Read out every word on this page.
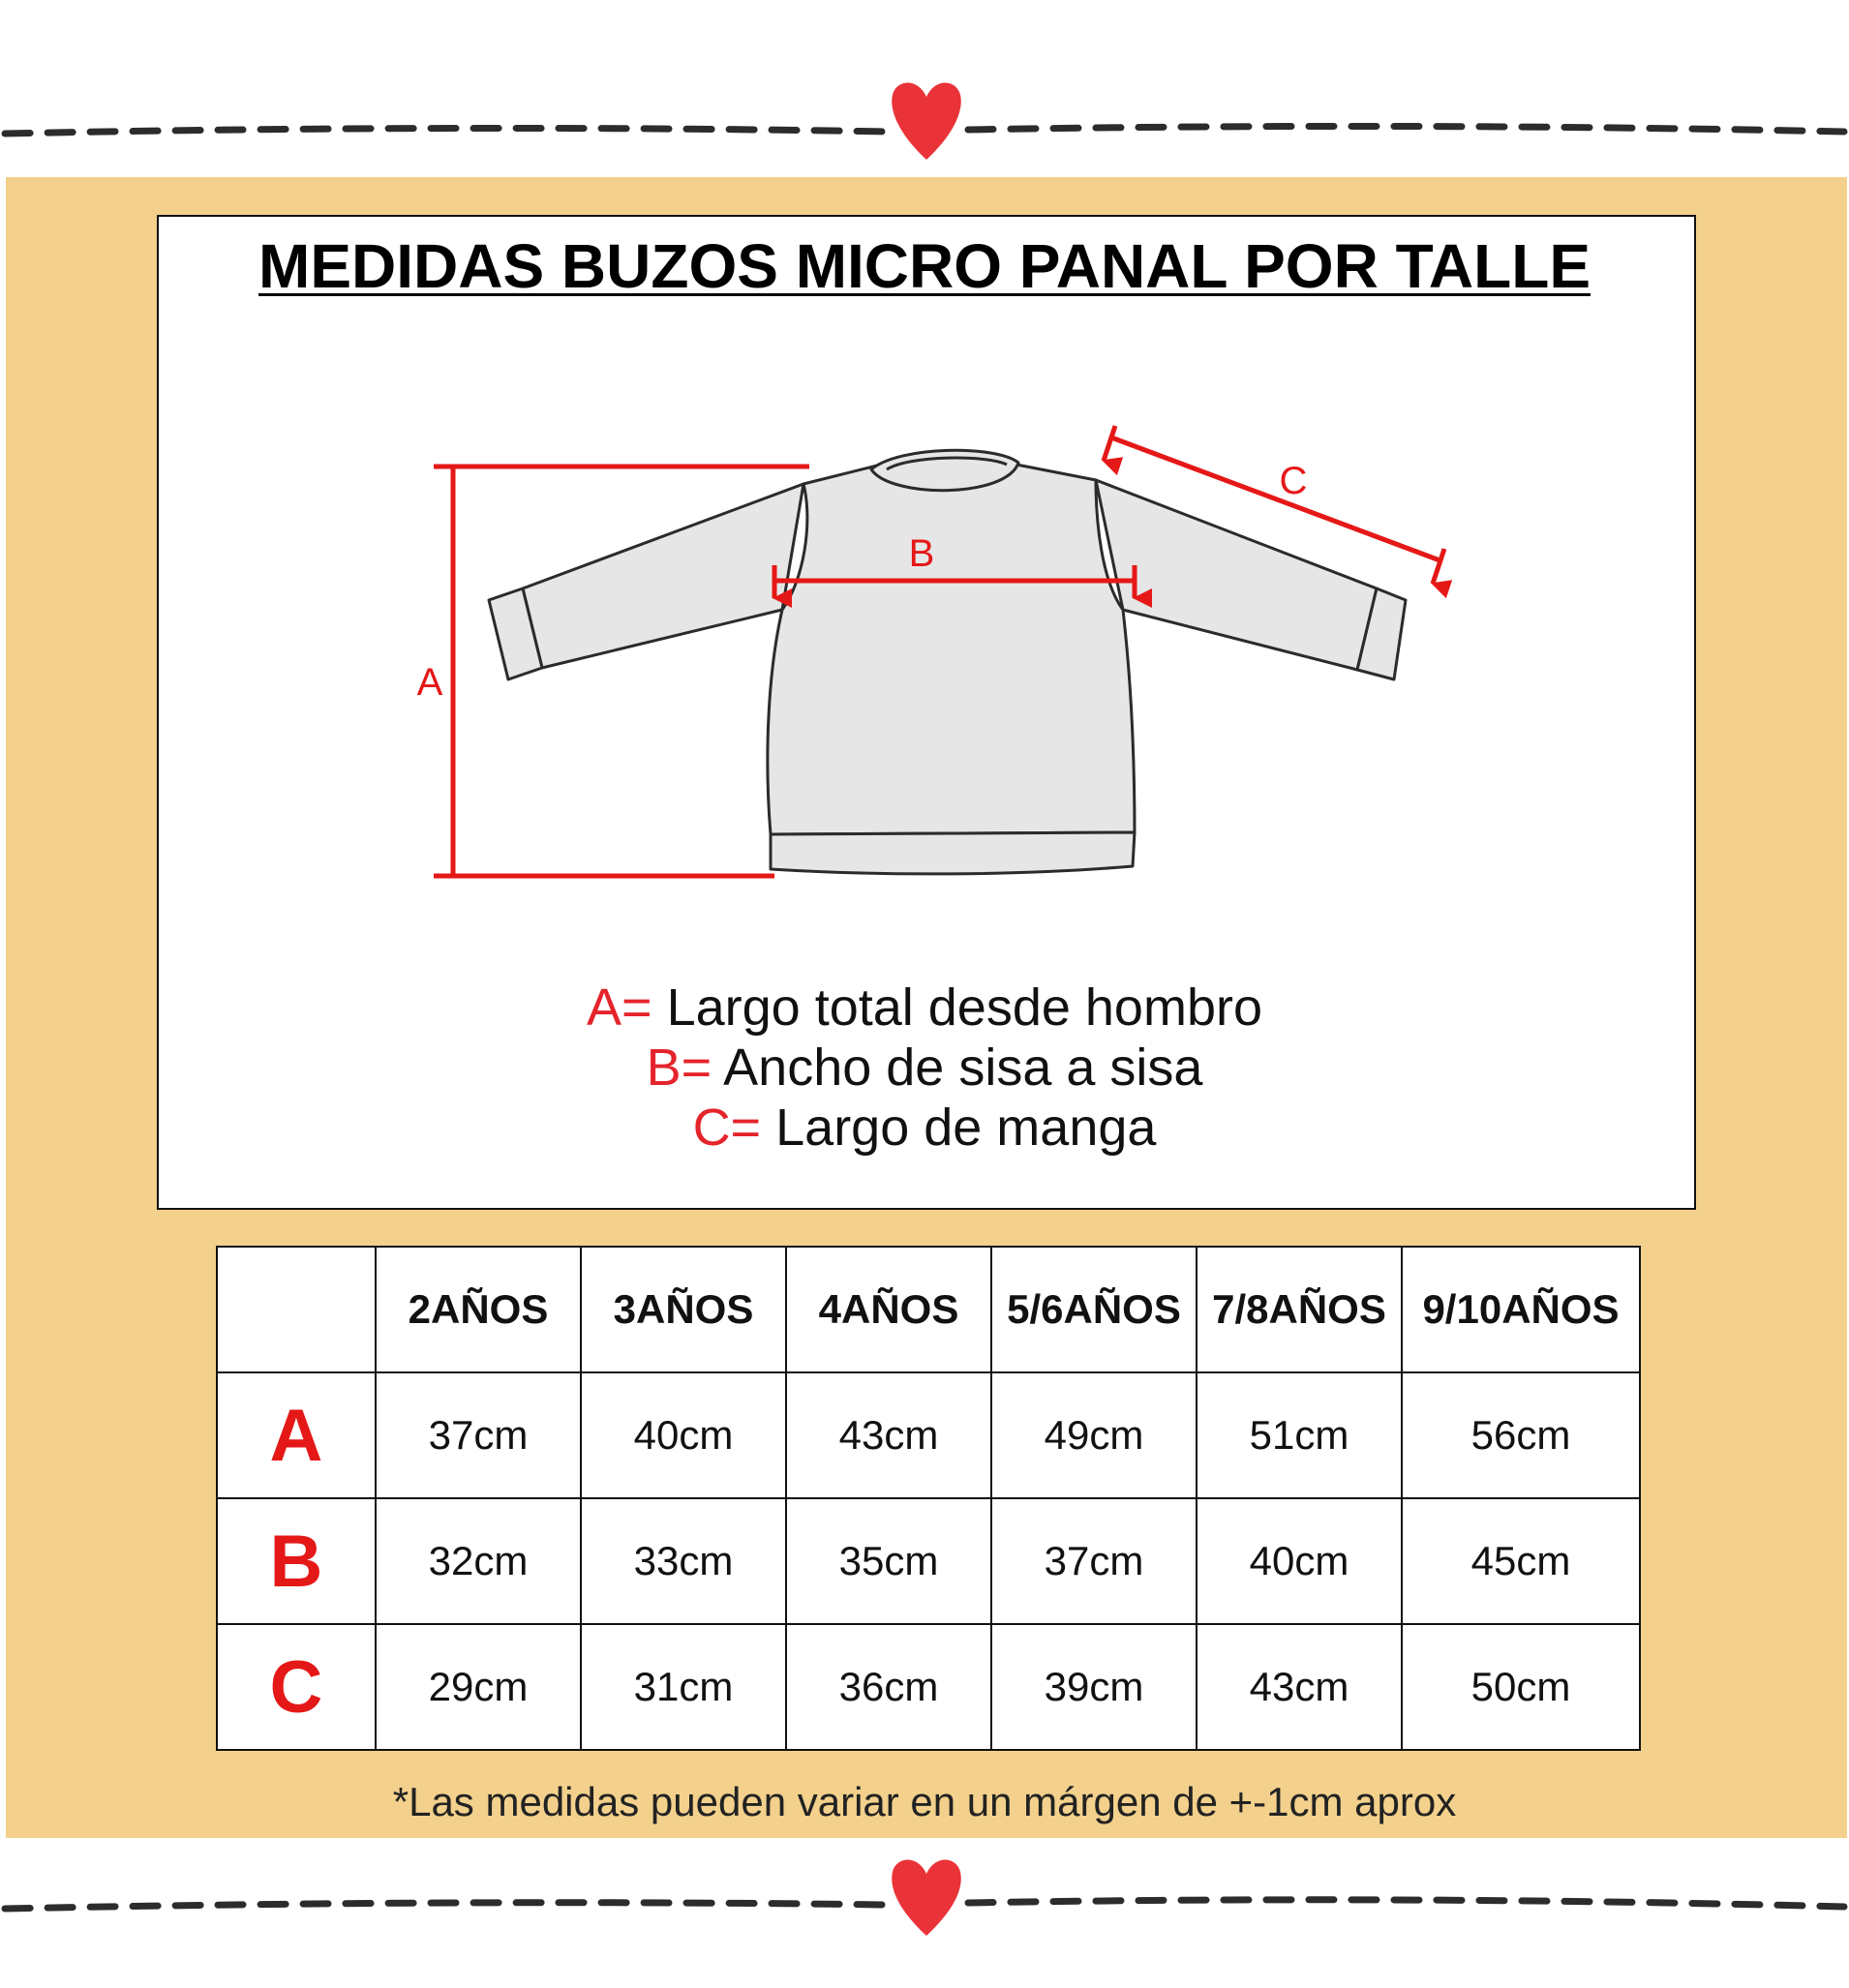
MEDIDAS BUZOS MICRO PANAL POR TALLE
A
B
C
A= Largo total desde hombro
B= Ancho de sisa a sisa
C= Largo de manga
	2AÑOS	3AÑOS	4AÑOS	5/6AÑOS	7/8AÑOS	9/10AÑOS
A	37cm	40cm	43cm	49cm	51cm	56cm
B	32cm	33cm	35cm	37cm	40cm	45cm
C	29cm	31cm	36cm	39cm	43cm	50cm

*Las medidas pueden variar en un márgen de +-1cm aprox
